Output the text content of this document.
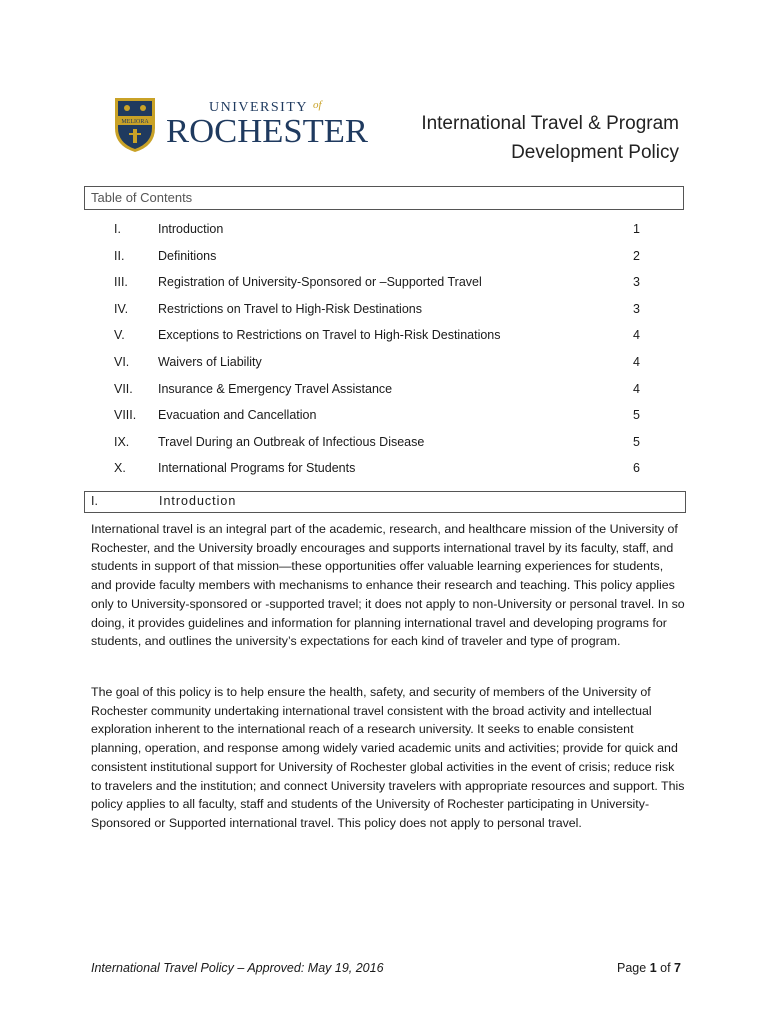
MELIORA
UNIVERSITY of
ROCHESTER	International Travel & Program
Development Policy
Table of Contents
I.	Introduction	1
II.	Definitions	2
III. Registration of University-Sponsored or –Supported Travel	3
IV. Restrictions on Travel to High-Risk Destinations	3
V.	Exceptions to Restrictions on Travel to High-Risk Destinations	4
VI. Waivers of Liability	4
VII. Insurance & Emergency Travel Assistance	4
VIII. Evacuation and Cancellation	5
IX. Travel During an Outbreak of Infectious Disease	5
X.	International Programs for Students	6
I.	Introduction

International travel is an integral part of the academic, research, and healthcare mission of the University of Rochester, and the University broadly encourages and supports international travel by its faculty, staff, and students in support of that mission—these opportunities offer valuable learning experiences for students, and provide faculty members with mechanisms to enhance their research and teaching. This policy applies only to University-sponsored or -supported travel; it does not apply to non-University or personal travel. In so doing, it provides guidelines and information for planning international travel and developing programs for students, and outlines the university’s expectations for each kind of traveler and type of program.

The goal of this policy is to help ensure the health, safety, and security of members of the University of Rochester community undertaking international travel consistent with the broad activity and intellectual exploration inherent to the international reach of a research university. It seeks to enable consistent planning, operation, and response among widely varied academic units and activities; provide for quick and consistent institutional support for University of Rochester global activities in the event of crisis; reduce risk to travelers and the institution; and connect University travelers with appropriate resources and support. This policy applies to all faculty, staff and students of the University of Rochester participating in University-Sponsored or Supported international travel. This policy does not apply to personal travel.

International Travel Policy – Approved: May 19, 2016	Page 1 of 7
